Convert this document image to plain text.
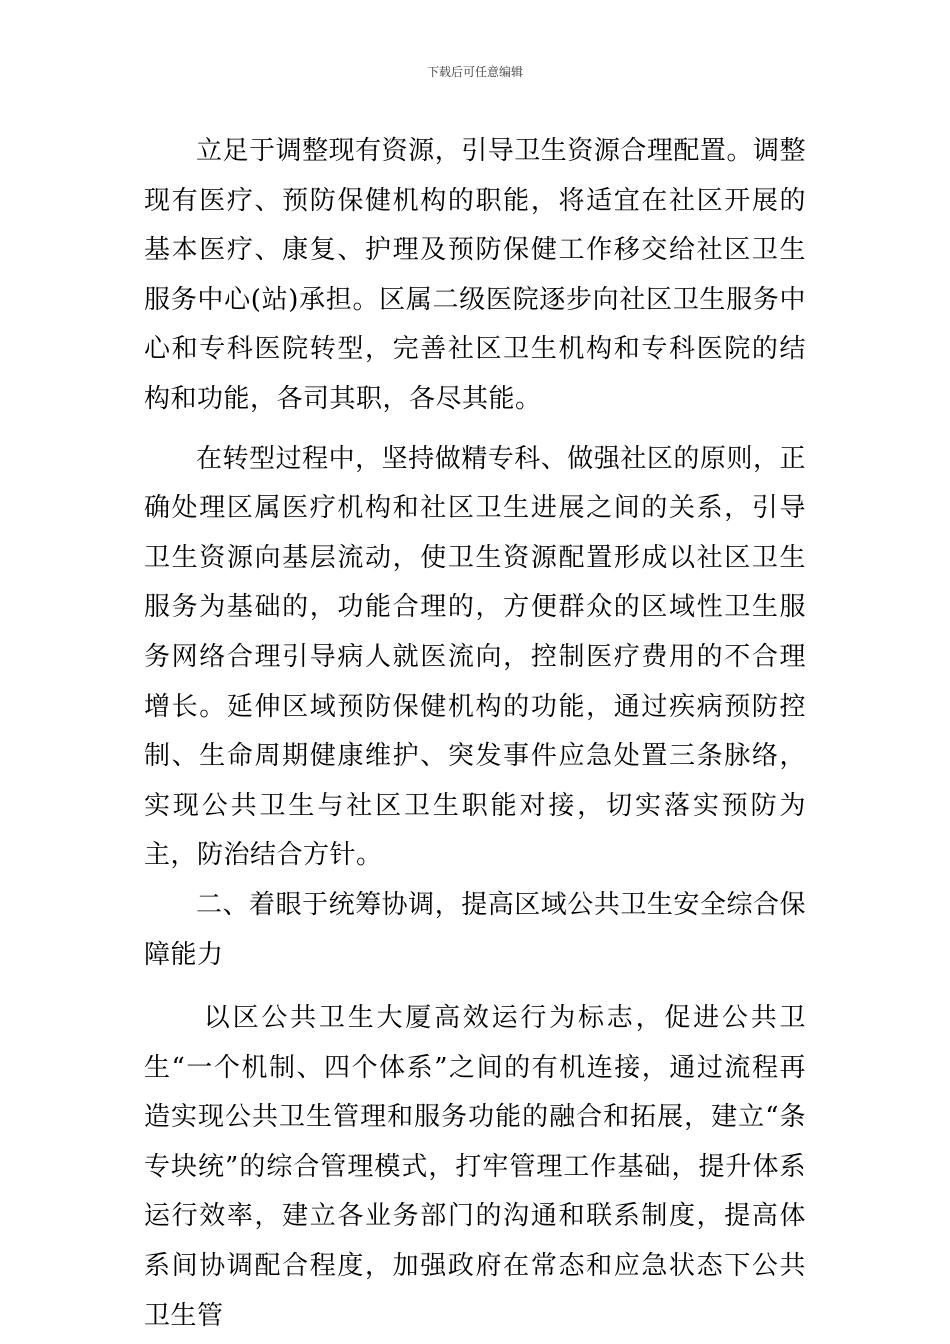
下载后可任意编辑

立足于调整现有资源，引导卫生资源合理配置。调整现有医疗、预防保健机构的职能，将适宜在社区开展的基本医疗、康复、护理及预防保健工作移交给社区卫生服务中心(站)承担。区属二级医院逐步向社区卫生服务中心和专科医院转型，完善社区卫生机构和专科医院的结构和功能，各司其职，各尽其能。

在转型过程中，坚持做精专科、做强社区的原则，正确处理区属医疗机构和社区卫生进展之间的关系，引导卫生资源向基层流动，使卫生资源配置形成以社区卫生服务为基础的，功能合理的，方便群众的区域性卫生服务网络合理引导病人就医流向，控制医疗费用的不合理增长。延伸区域预防保健机构的功能，通过疾病预防控制、生命周期健康维护、突发事件应急处置三条脉络，实现公共卫生与社区卫生职能对接，切实落实预防为主，防治结合方针。

二、着眼于统筹协调，提高区域公共卫生安全综合保障能力

以区公共卫生大厦高效运行为标志，促进公共卫生“一个机制、四个体系”之间的有机连接，通过流程再造实现公共卫生管理和服务功能的融合和拓展，建立“条专块统”的综合管理模式，打牢管理工作基础，提升体系运行效率，建立各业务部门的沟通和联系制度，提高体系间协调配合程度，加强政府在常态和应急状态下公共卫生管
